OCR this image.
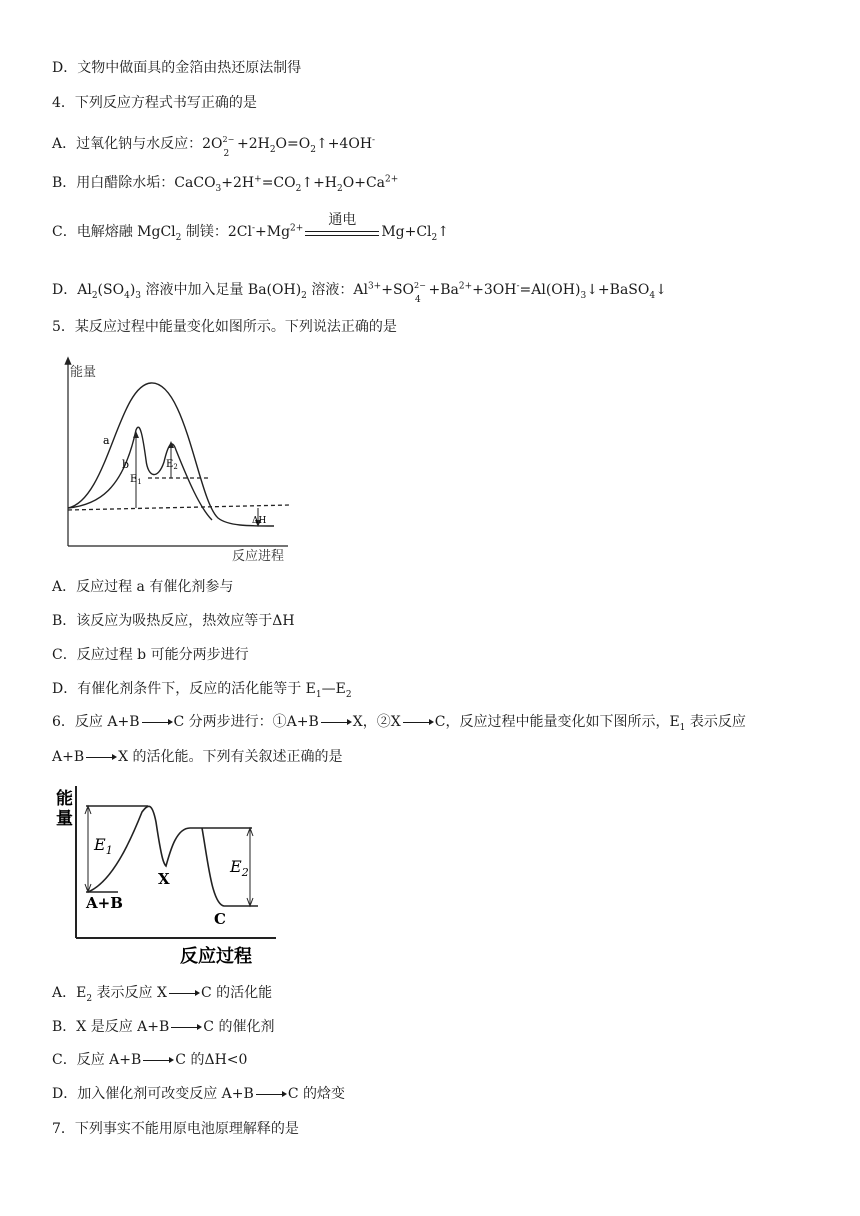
D．文物中做面具的金箔由热还原法制得
4．下列反应方程式书写正确的是
A．过氧化钠与水反应：2O 2−
2
$+2H_2O=O_2↑+4OH^-$
B．用白醋除水垢：$CaCO_3+2H^+=CO_2↑+H_2O+Ca^{2+}$
C．电解熔融 MgCl$_2$ 制镁：$2Cl^-+Mg^{2+}$
通电
$Mg+Cl_2↑$
D．$Al_2(SO_4)_3$ 溶液中加入足量 $Ba(OH)_2$ 溶液：$Al^{3+}+SO$ 2−
4
$+Ba^{2+}+3OH^-=Al(OH)_3↓+BaSO_4↓$
5．某反应过程中能量变化如图所示。下列说法正确的是
能量
反应进程
a
b
$E_1$
$E_2$
ΔH
A．反应过程 a 有催化剂参与
B．该反应为吸热反应，热效应等于ΔH
C．反应过程 b 可能分两步进行
D．有催化剂条件下，反应的活化能等于 $E_1—E_2$
6．反应 A+B C 分两步进行：①A+B X，②X C，反应过程中能量变化如下图所示，$E_1$ 表示反应
A+B X 的活化能。下列有关叙述正确的是
能
量
反应过程
$E_1$
$E_2$
X
A+B
C
A．$E_2$ 表示反应 X C 的活化能
B．X 是反应 A+B C 的催化剂
C．反应 A+B C 的ΔH<0
D．加入催化剂可改变反应 A+B C 的焓变
7．下列事实不能用原电池原理解释的是
